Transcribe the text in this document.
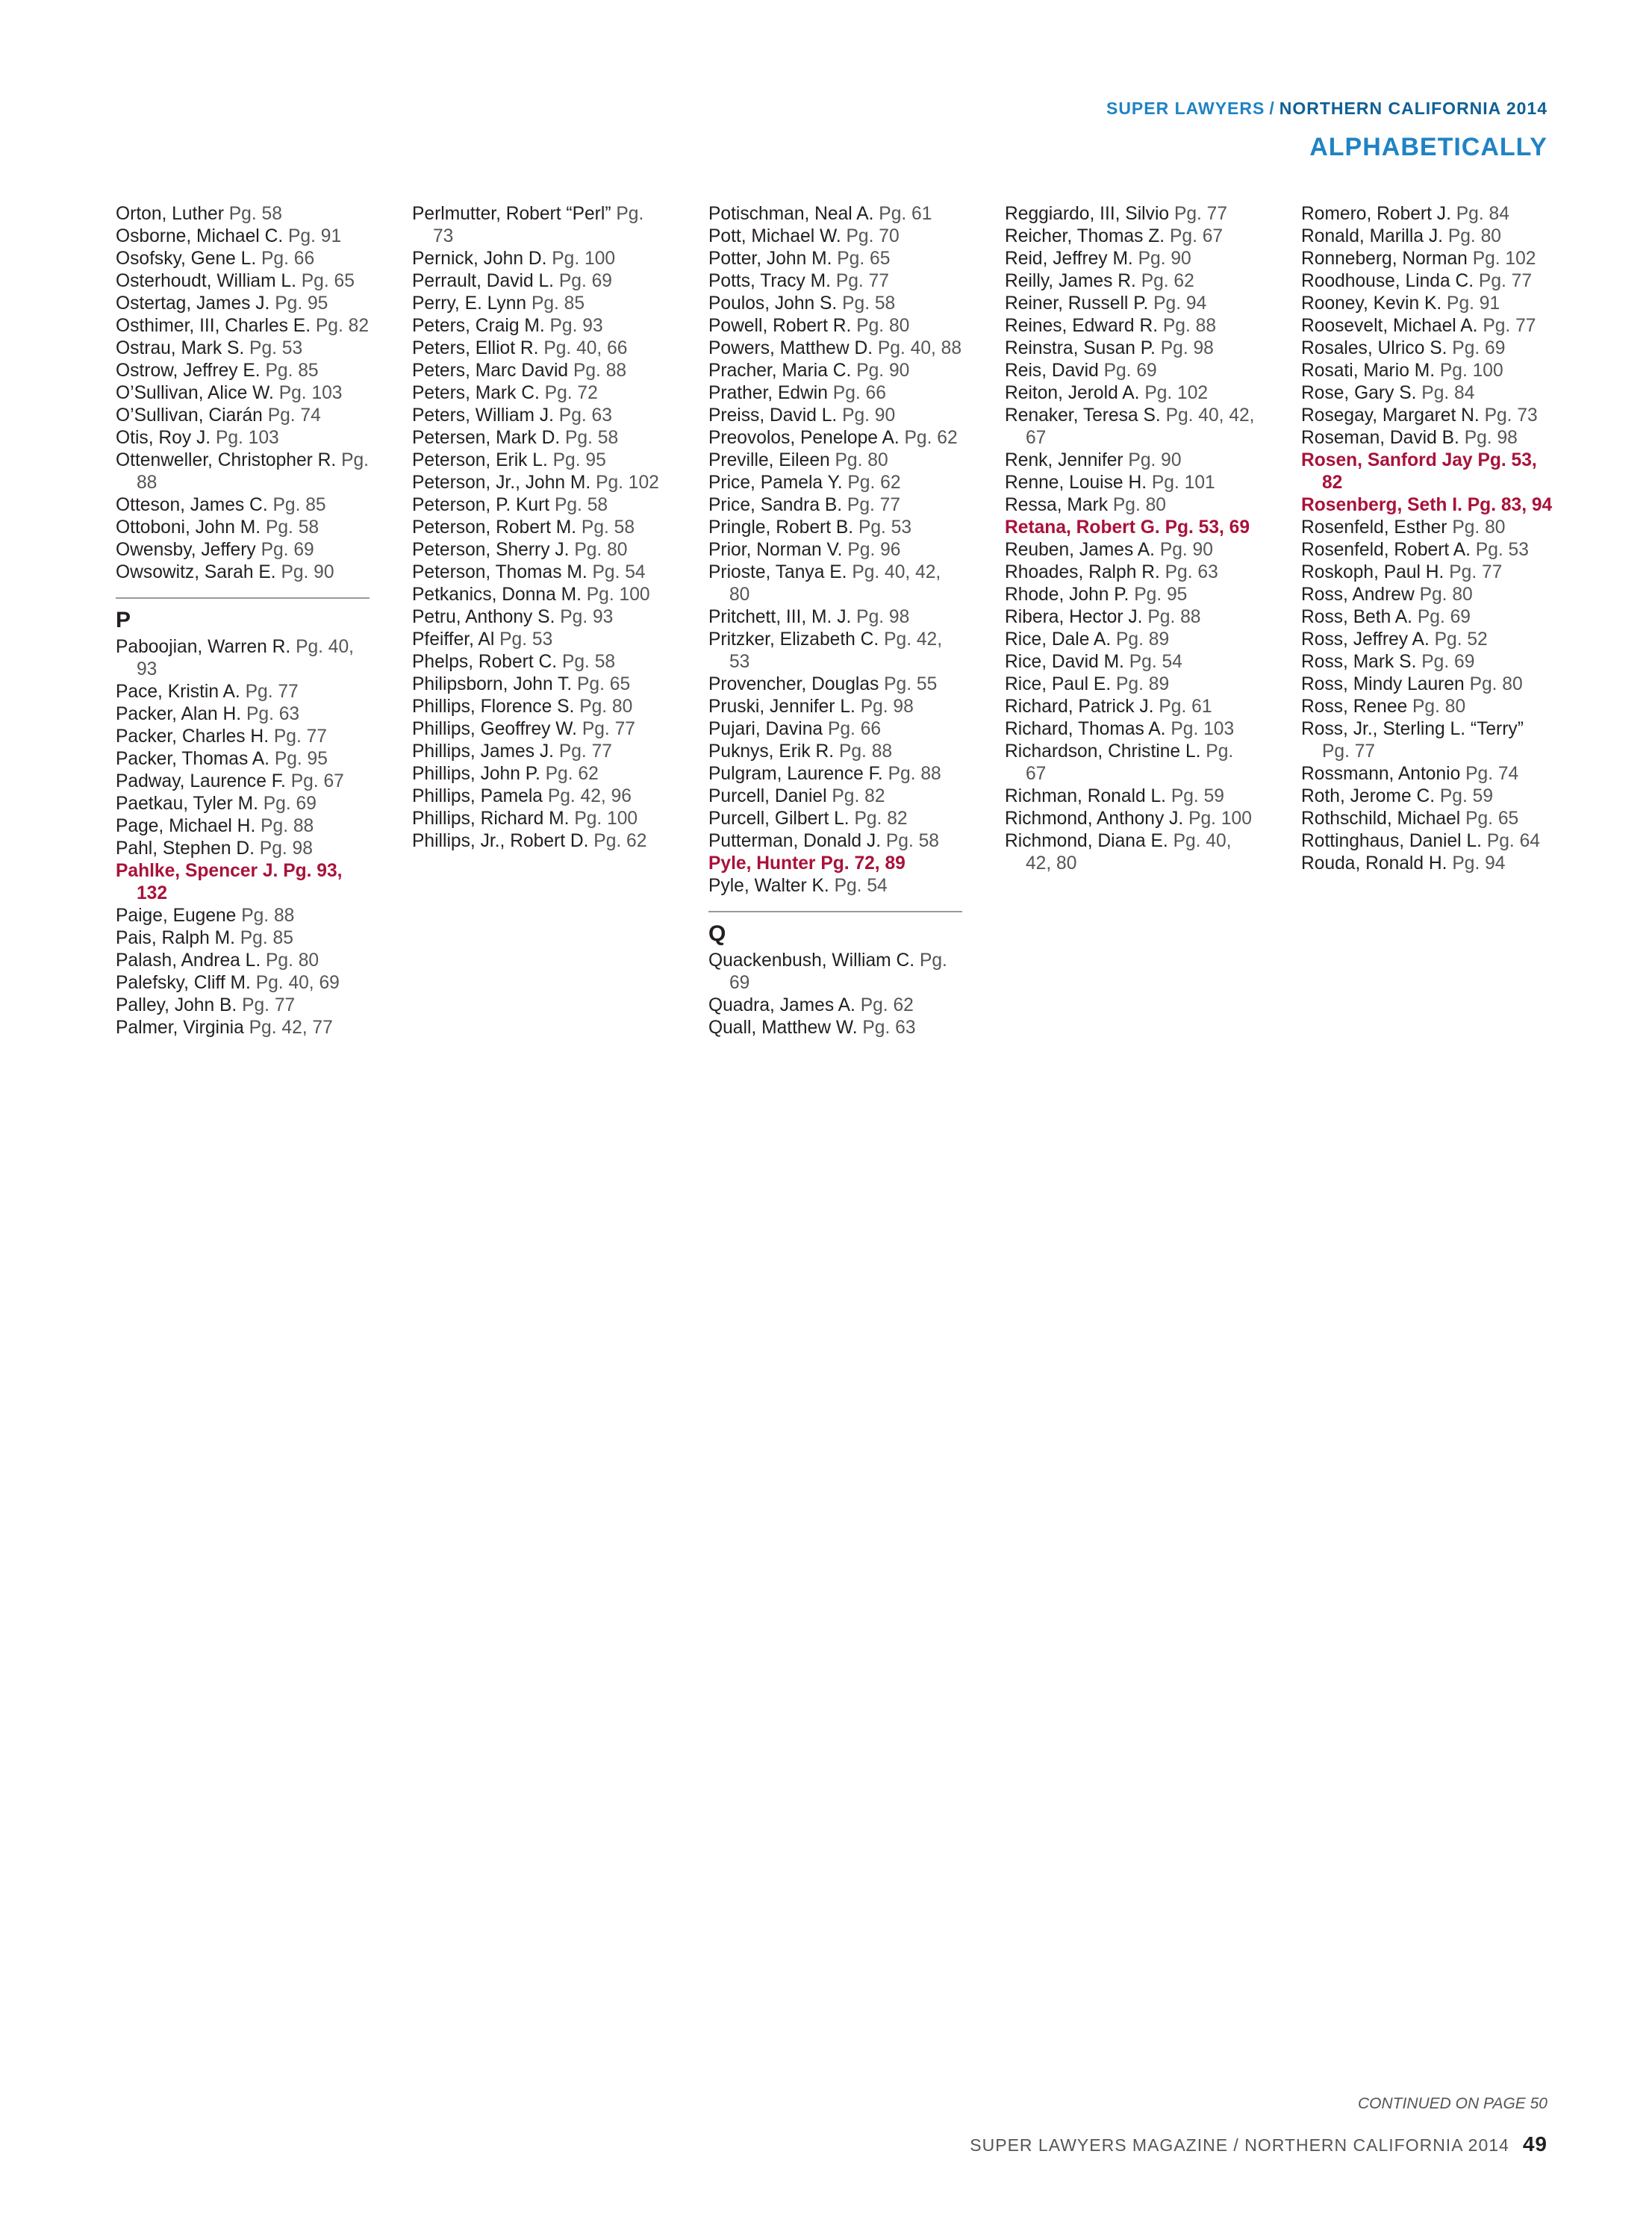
SUPER LAWYERS / NORTHERN CALIFORNIA 2014
ALPHABETICALLY
Orton, Luther Pg. 58
Osborne, Michael C. Pg. 91
Osofsky, Gene L. Pg. 66
Osterhoudt, William L. Pg. 65
Ostertag, James J. Pg. 95
Osthimer, III, Charles E. Pg. 82
Ostrau, Mark S. Pg. 53
Ostrow, Jeffrey E. Pg. 85
O’Sullivan, Alice W. Pg. 103
O’Sullivan, Ciarán Pg. 74
Otis, Roy J. Pg. 103
Ottenweller, Christopher R. Pg. 88
Otteson, James C. Pg. 85
Ottoboni, John M. Pg. 58
Owensby, Jeffery Pg. 69
Owsowitz, Sarah E. Pg. 90
P
Paboojian, Warren R. Pg. 40, 93
Pace, Kristin A. Pg. 77
Packer, Alan H. Pg. 63
Packer, Charles H. Pg. 77
Packer, Thomas A. Pg. 95
Padway, Laurence F. Pg. 67
Paetkau, Tyler M. Pg. 69
Page, Michael H. Pg. 88
Pahl, Stephen D. Pg. 98
Pahlke, Spencer J. Pg. 93, 132
Paige, Eugene Pg. 88
Pais, Ralph M. Pg. 85
Palash, Andrea L. Pg. 80
Palefsky, Cliff M. Pg. 40, 69
Palley, John B. Pg. 77
Palmer, Virginia Pg. 42, 77
Perlmutter, Robert “Perl” Pg. 73
Pernick, John D. Pg. 100
Perrault, David L. Pg. 69
Perry, E. Lynn Pg. 85
Peters, Craig M. Pg. 93
Peters, Elliot R. Pg. 40, 66
Peters, Marc David Pg. 88
Peters, Mark C. Pg. 72
Peters, William J. Pg. 63
Petersen, Mark D. Pg. 58
Peterson, Erik L. Pg. 95
Peterson, Jr., John M. Pg. 102
Peterson, P. Kurt Pg. 58
Peterson, Robert M. Pg. 58
Peterson, Sherry J. Pg. 80
Peterson, Thomas M. Pg. 54
Petkanics, Donna M. Pg. 100
Petru, Anthony S. Pg. 93
Pfeiffer, Al Pg. 53
Phelps, Robert C. Pg. 58
Philipsborn, John T. Pg. 65
Phillips, Florence S. Pg. 80
Phillips, Geoffrey W. Pg. 77
Phillips, James J. Pg. 77
Phillips, John P. Pg. 62
Phillips, Pamela Pg. 42, 96
Phillips, Richard M. Pg. 100
Phillips, Jr., Robert D. Pg. 62
Potischman, Neal A. Pg. 61
Pott, Michael W. Pg. 70
Potter, John M. Pg. 65
Potts, Tracy M. Pg. 77
Poulos, John S. Pg. 58
Powell, Robert R. Pg. 80
Powers, Matthew D. Pg. 40, 88
Pracher, Maria C. Pg. 90
Prather, Edwin Pg. 66
Preiss, David L. Pg. 90
Preovolos, Penelope A. Pg. 62
Preville, Eileen Pg. 80
Price, Pamela Y. Pg. 62
Price, Sandra B. Pg. 77
Pringle, Robert B. Pg. 53
Prior, Norman V. Pg. 96
Prioste, Tanya E. Pg. 40, 42, 80
Pritchett, III, M. J. Pg. 98
Pritzker, Elizabeth C. Pg. 42, 53
Provencher, Douglas Pg. 55
Pruski, Jennifer L. Pg. 98
Pujari, Davina Pg. 66
Puknys, Erik R. Pg. 88
Pulgram, Laurence F. Pg. 88
Purcell, Daniel Pg. 82
Purcell, Gilbert L. Pg. 82
Putterman, Donald J. Pg. 58
Pyle, Hunter Pg. 72, 89
Pyle, Walter K. Pg. 54
Q
Quackenbush, William C. Pg. 69
Quadra, James A. Pg. 62
Quall, Matthew W. Pg. 63
Reggiardo, III, Silvio Pg. 77
Reicher, Thomas Z. Pg. 67
Reid, Jeffrey M. Pg. 90
Reilly, James R. Pg. 62
Reiner, Russell P. Pg. 94
Reines, Edward R. Pg. 88
Reinstra, Susan P. Pg. 98
Reis, David Pg. 69
Reiton, Jerold A. Pg. 102
Renaker, Teresa S. Pg. 40, 42, 67
Renk, Jennifer Pg. 90
Renne, Louise H. Pg. 101
Ressa, Mark Pg. 80
Retana, Robert G. Pg. 53, 69
Reuben, James A. Pg. 90
Rhoades, Ralph R. Pg. 63
Rhode, John P. Pg. 95
Ribera, Hector J. Pg. 88
Rice, Dale A. Pg. 89
Rice, David M. Pg. 54
Rice, Paul E. Pg. 89
Richard, Patrick J. Pg. 61
Richard, Thomas A. Pg. 103
Richardson, Christine L. Pg. 67
Richman, Ronald L. Pg. 59
Richmond, Anthony J. Pg. 100
Richmond, Diana E. Pg. 40, 42, 80
Romero, Robert J. Pg. 84
Ronald, Marilla J. Pg. 80
Ronneberg, Norman Pg. 102
Roodhouse, Linda C. Pg. 77
Rooney, Kevin K. Pg. 91
Roosevelt, Michael A. Pg. 77
Rosales, Ulrico S. Pg. 69
Rosati, Mario M. Pg. 100
Rose, Gary S. Pg. 84
Rosegay, Margaret N. Pg. 73
Roseman, David B. Pg. 98
Rosen, Sanford Jay Pg. 53, 82
Rosenberg, Seth I. Pg. 83, 94
Rosenfeld, Esther Pg. 80
Rosenfeld, Robert A. Pg. 53
Roskoph, Paul H. Pg. 77
Ross, Andrew Pg. 80
Ross, Beth A. Pg. 69
Ross, Jeffrey A. Pg. 52
Ross, Mark S. Pg. 69
Ross, Mindy Lauren Pg. 80
Ross, Renee Pg. 80
Ross, Jr., Sterling L. “Terry” Pg. 77
Rossmann, Antonio Pg. 74
Roth, Jerome C. Pg. 59
Rothschild, Michael Pg. 65
Rottinghaus, Daniel L. Pg. 64
Rouda, Ronald H. Pg. 94
CONTINUED ON PAGE 50
SUPER LAWYERS MAGAZINE / NORTHERN CALIFORNIA 2014 49
